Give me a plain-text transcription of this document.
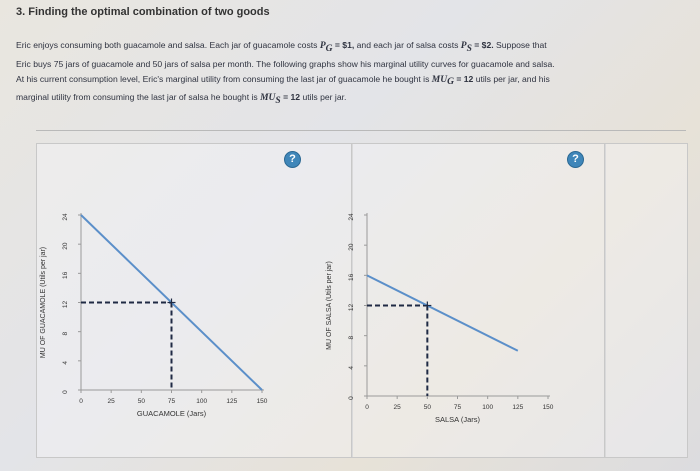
3. Finding the optimal combination of two goods
Eric enjoys consuming both guacamole and salsa. Each jar of guacamole costs $P_G$ = $1, and each jar of salsa costs $P_S$ = $2. Suppose that
Eric buys 75 jars of guacamole and 50 jars of salsa per month. The following graphs show his marginal utility curves for guacamole and salsa.
At his current consumption level, Eric's marginal utility from consuming the last jar of guacamole he bought is $MU_G = 12$ utils per jar, and his
marginal utility from consuming the last jar of salsa he bought is $MU_S = 12$ utils per jar.
?	?
0
4
8
12
16
20
24
0	25	50	75	100	125	150
MU OF GUACAMOLE (Utils per jar)
GUACAMOLE (Jars)
0
4
8
12
16
20
24
0	25	50	75	100	125	150
MU OF SALSA (Utils per jar)
SALSA (Jars)
